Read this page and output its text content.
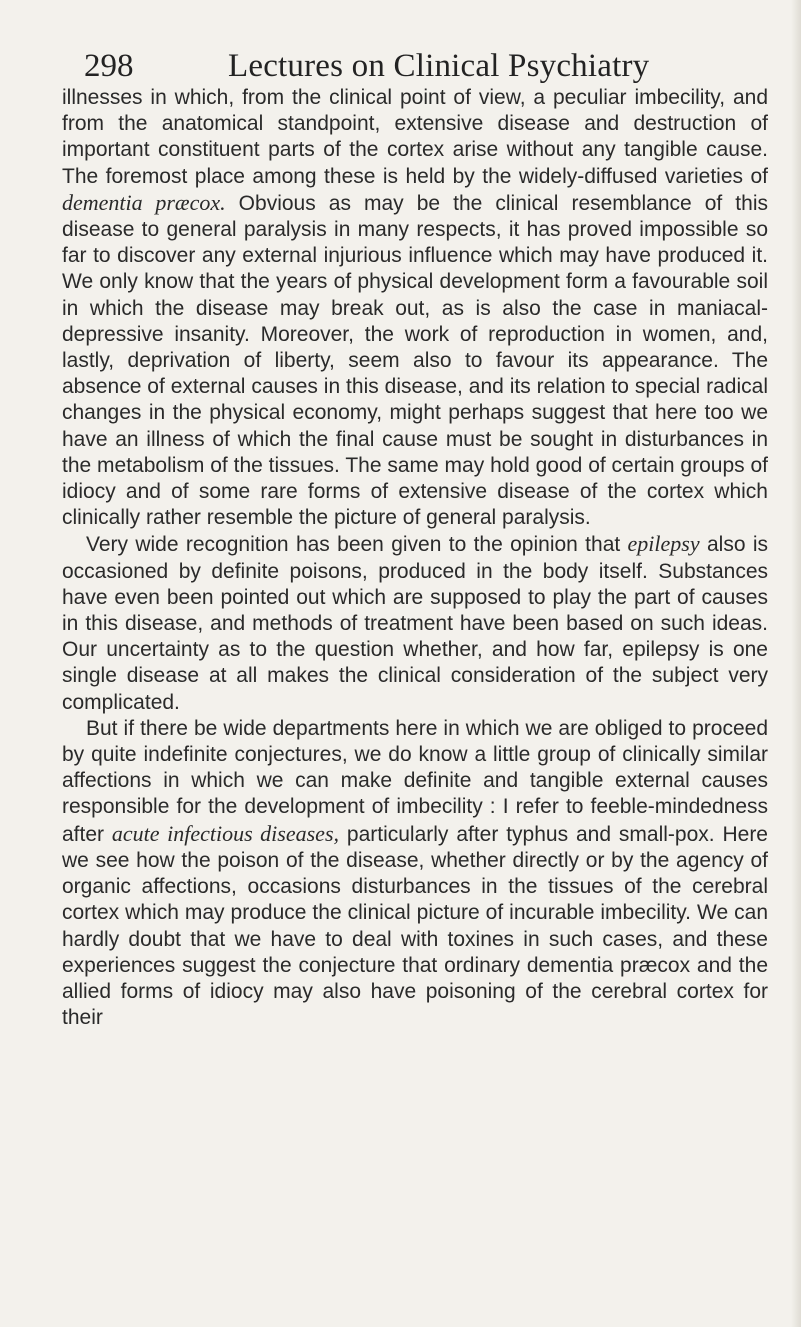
298	Lectures on Clinical Psychiatry

illnesses in which, from the clinical point of view, a peculiar imbecility, and from the anatomical standpoint, extensive disease and destruction of important constituent parts of the cortex arise without any tangible cause. The foremost place among these is held by the widely-diffused varieties of dementia præcox. Obvious as may be the clinical resemblance of this disease to general paralysis in many respects, it has proved impossible so far to discover any external injurious influence which may have produced it. We only know that the years of physical development form a favourable soil in which the disease may break out, as is also the case in maniacal-depressive insanity. Moreover, the work of reproduction in women, and, lastly, deprivation of liberty, seem also to favour its appearance. The absence of external causes in this disease, and its relation to special radical changes in the physical economy, might perhaps suggest that here too we have an illness of which the final cause must be sought in disturbances in the metabolism of the tissues. The same may hold good of certain groups of idiocy and of some rare forms of extensive disease of the cortex which clinically rather resemble the picture of general paralysis.

Very wide recognition has been given to the opinion that epilepsy also is occasioned by definite poisons, produced in the body itself. Substances have even been pointed out which are supposed to play the part of causes in this disease, and methods of treatment have been based on such ideas. Our uncertainty as to the question whether, and how far, epilepsy is one single disease at all makes the clinical consideration of the subject very complicated.

But if there be wide departments here in which we are obliged to proceed by quite indefinite conjectures, we do know a little group of clinically similar affections in which we can make definite and tangible external causes responsible for the development of imbecility : I refer to feeble-mindedness after acute infectious diseases, particularly after typhus and small-pox. Here we see how the poison of the disease, whether directly or by the agency of organic affections, occasions disturbances in the tissues of the cerebral cortex which may produce the clinical picture of incurable imbecility. We can hardly doubt that we have to deal with toxines in such cases, and these experiences suggest the conjecture that ordinary dementia præcox and the allied forms of idiocy may also have poisoning of the cerebral cortex for their
